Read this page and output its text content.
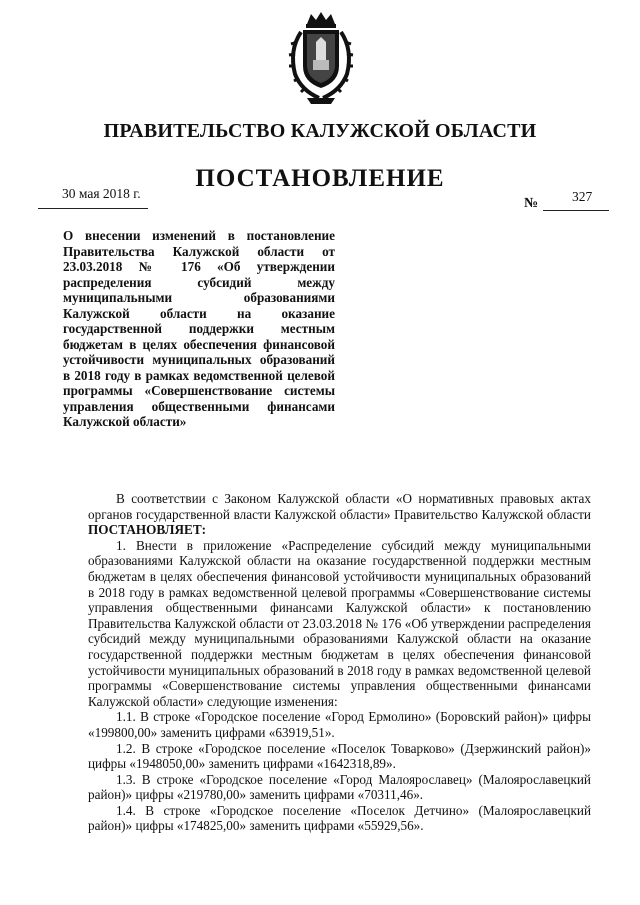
ПРАВИТЕЛЬСТВО КАЛУЖСКОЙ ОБЛАСТИ
ПОСТАНОВЛЕНИЕ
30 мая 2018 г.
№	327
О внесении изменений в постановление Правительства Калужской области от 23.03.2018 № 176 «Об утверждении распределения субсидий между муниципальными образованиями Калужской области на оказание государственной поддержки местным бюджетам в целях обеспечения финансовой устойчивости муниципальных образований в 2018 году в рамках ведомственной целевой программы «Совершенствование системы управления общественными финансами Калужской области»

В соответствии с Законом Калужской области «О нормативных правовых актах органов государственной власти Калужской области» Правительство Калужской области ПОСТАНОВЛЯЕТ:

1. Внести в приложение «Распределение субсидий между муниципальными образованиями Калужской области на оказание государственной поддержки местным бюджетам в целях обеспечения финансовой устойчивости муниципальных образований в 2018 году в рамках ведомственной целевой программы «Совершенствование системы управления общественными финансами Калужской области» к постановлению Правительства Калужской области от 23.03.2018 № 176 «Об утверждении распределения субсидий между муниципальными образованиями Калужской области на оказание государственной поддержки местным бюджетам в целях обеспечения финансовой устойчивости муниципальных образований в 2018 году в рамках ведомственной целевой программы «Совершенствование системы управления общественными финансами Калужской области» следующие изменения:

1.1. В строке «Городское поселение «Город Ермолино» (Боровский район)» цифры «199800,00» заменить цифрами «63919,51».

1.2. В строке «Городское поселение «Поселок Товарково» (Дзержинский район)» цифры «1948050,00» заменить цифрами «1642318,89».

1.3. В строке «Городское поселение «Город Малоярославец» (Малоярославецкий район)» цифры «219780,00» заменить цифрами «70311,46».

1.4. В строке «Городское поселение «Поселок Детчино» (Малоярославецкий район)» цифры «174825,00» заменить цифрами «55929,56».
